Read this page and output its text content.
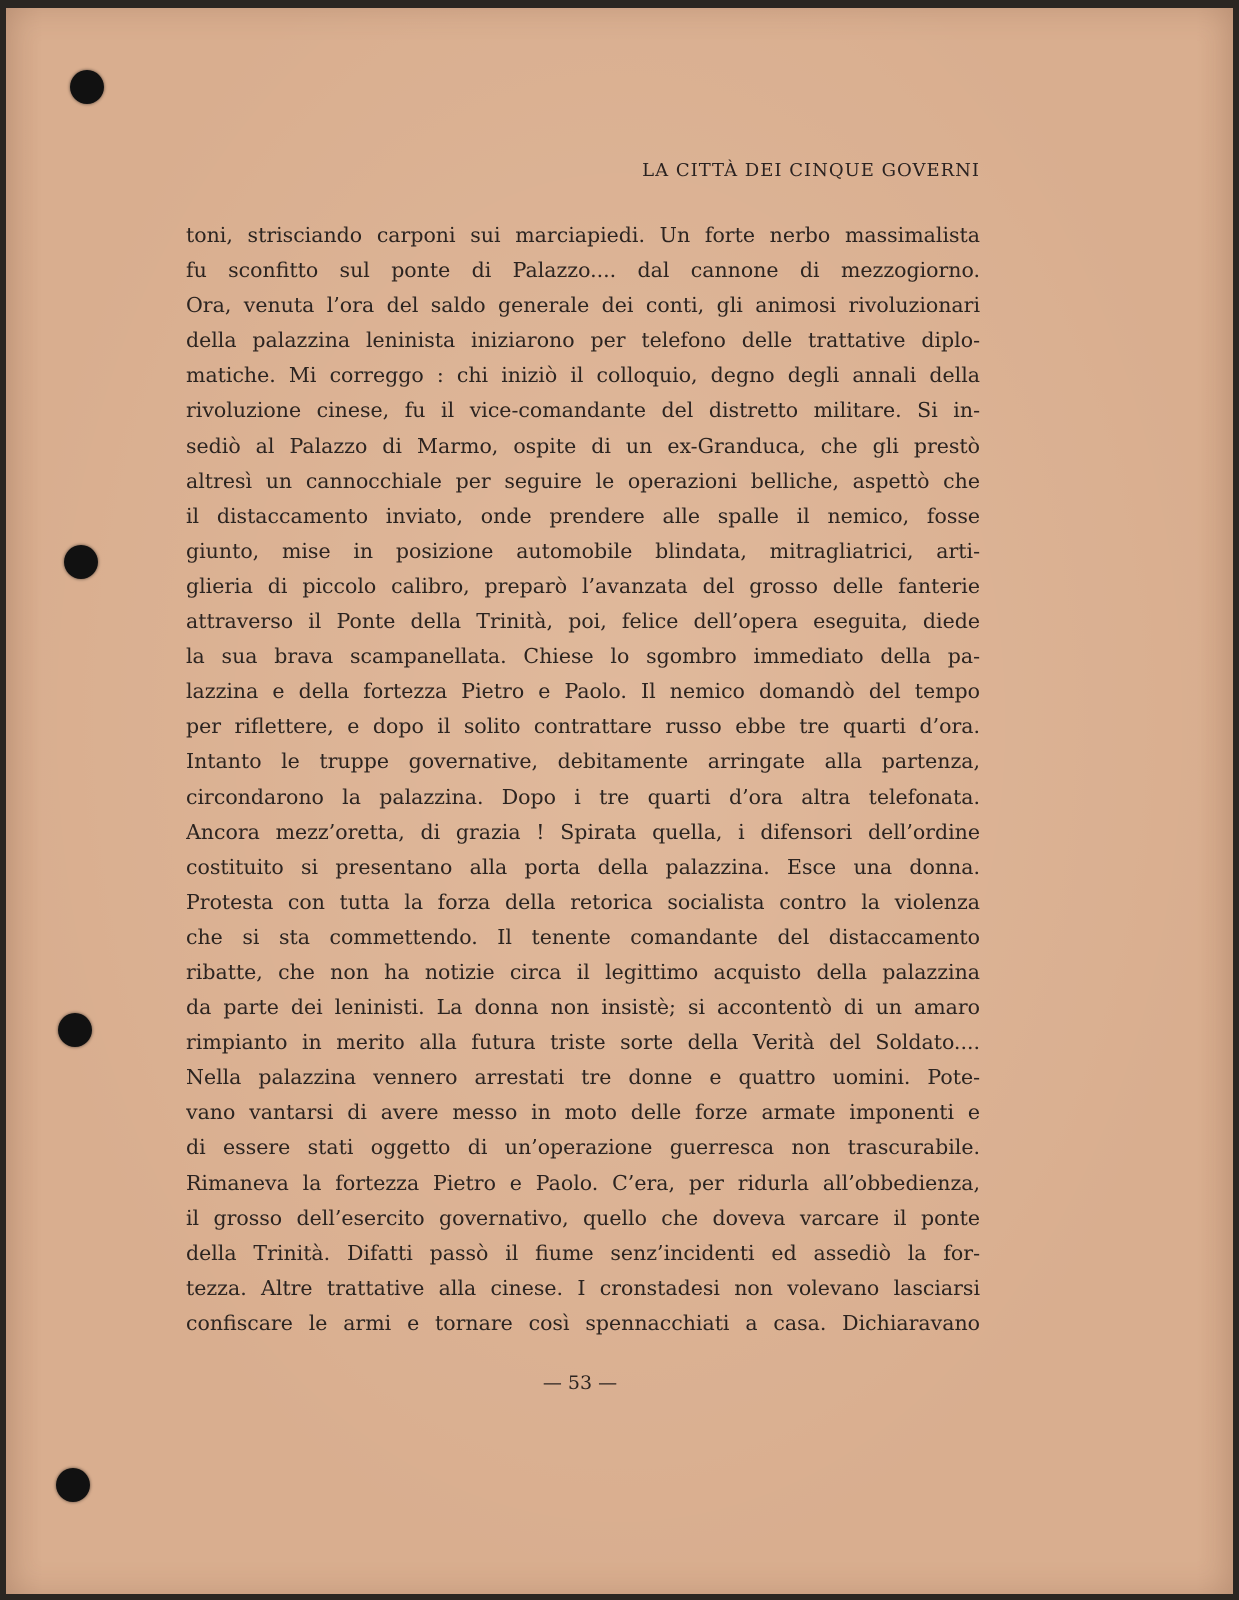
LA CITTÀ DEI CINQUE GOVERNI
toni, strisciando carponi sui marciapiedi. Un forte nerbo massimalista
fu sconfitto sul ponte di Palazzo.... dal cannone di mezzogiorno.
Ora, venuta l’ora del saldo generale dei conti, gli animosi rivoluzionari
della palazzina leninista iniziarono per telefono delle trattative diplo-
matiche. Mi correggo : chi iniziò il colloquio, degno degli annali della
rivoluzione cinese, fu il vice-comandante del distretto militare. Si in-
sediò al Palazzo di Marmo, ospite di un ex-Granduca, che gli prestò
altresì un cannocchiale per seguire le operazioni belliche, aspettò che
il distaccamento inviato, onde prendere alle spalle il nemico, fosse
giunto, mise in posizione automobile blindata, mitragliatrici, arti-
glieria di piccolo calibro, preparò l’avanzata del grosso delle fanterie
attraverso il Ponte della Trinità, poi, felice dell’opera eseguita, diede
la sua brava scampanellata. Chiese lo sgombro immediato della pa-
lazzina e della fortezza Pietro e Paolo. Il nemico domandò del tempo
per riflettere, e dopo il solito contrattare russo ebbe tre quarti d’ora.
Intanto le truppe governative, debitamente arringate alla partenza,
circondarono la palazzina. Dopo i tre quarti d’ora altra telefonata.
Ancora mezz’oretta, di grazia ! Spirata quella, i difensori dell’ordine
costituito si presentano alla porta della palazzina. Esce una donna.
Protesta con tutta la forza della retorica socialista contro la violenza
che si sta commettendo. Il tenente comandante del distaccamento
ribatte, che non ha notizie circa il legittimo acquisto della palazzina
da parte dei leninisti. La donna non insistè; si accontentò di un amaro
rimpianto in merito alla futura triste sorte della Verità del Soldato....
Nella palazzina vennero arrestati tre donne e quattro uomini. Pote-
vano vantarsi di avere messo in moto delle forze armate imponenti e
di essere stati oggetto di un’operazione guerresca non trascurabile.
Rimaneva la fortezza Pietro e Paolo. C’era, per ridurla all’obbedienza,
il grosso dell’esercito governativo, quello che doveva varcare il ponte
della Trinità. Difatti passò il fiume senz’incidenti ed assediò la for-
tezza. Altre trattative alla cinese. I cronstadesi non volevano lasciarsi
confiscare le armi e tornare così spennacchiati a casa. Dichiaravano
— 53 —
